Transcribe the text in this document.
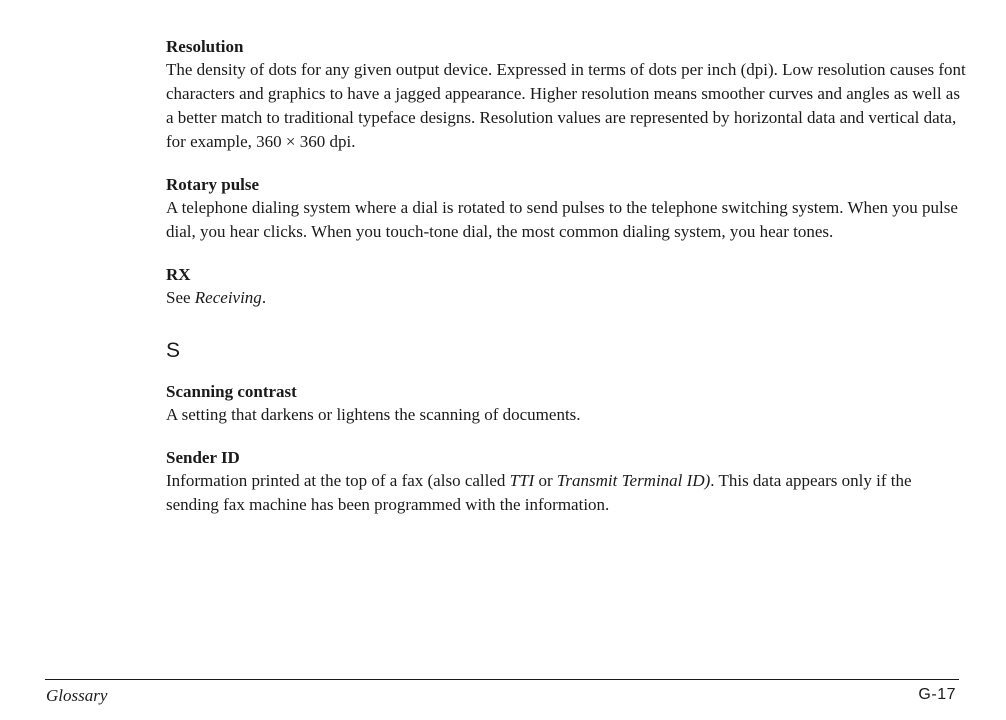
Resolution

The density of dots for any given output device. Expressed in terms of dots per inch (dpi). Low resolution causes font characters and graphics to have a jagged appearance. Higher resolution means smoother curves and angles as well as a better match to traditional typeface designs. Resolution values are represented by horizontal data and vertical data, for example, 360 × 360 dpi.

Rotary pulse

A telephone dialing system where a dial is rotated to send pulses to the telephone switching system. When you pulse dial, you hear clicks. When you touch-tone dial, the most common dialing system, you hear tones.

RX

See Receiving.

S

Scanning contrast

A setting that darkens or lightens the scanning of documents.

Sender ID

Information printed at the top of a fax (also called TTI or Transmit Terminal ID). This data appears only if the sending fax machine has been programmed with the information.

Glossary	G-17
